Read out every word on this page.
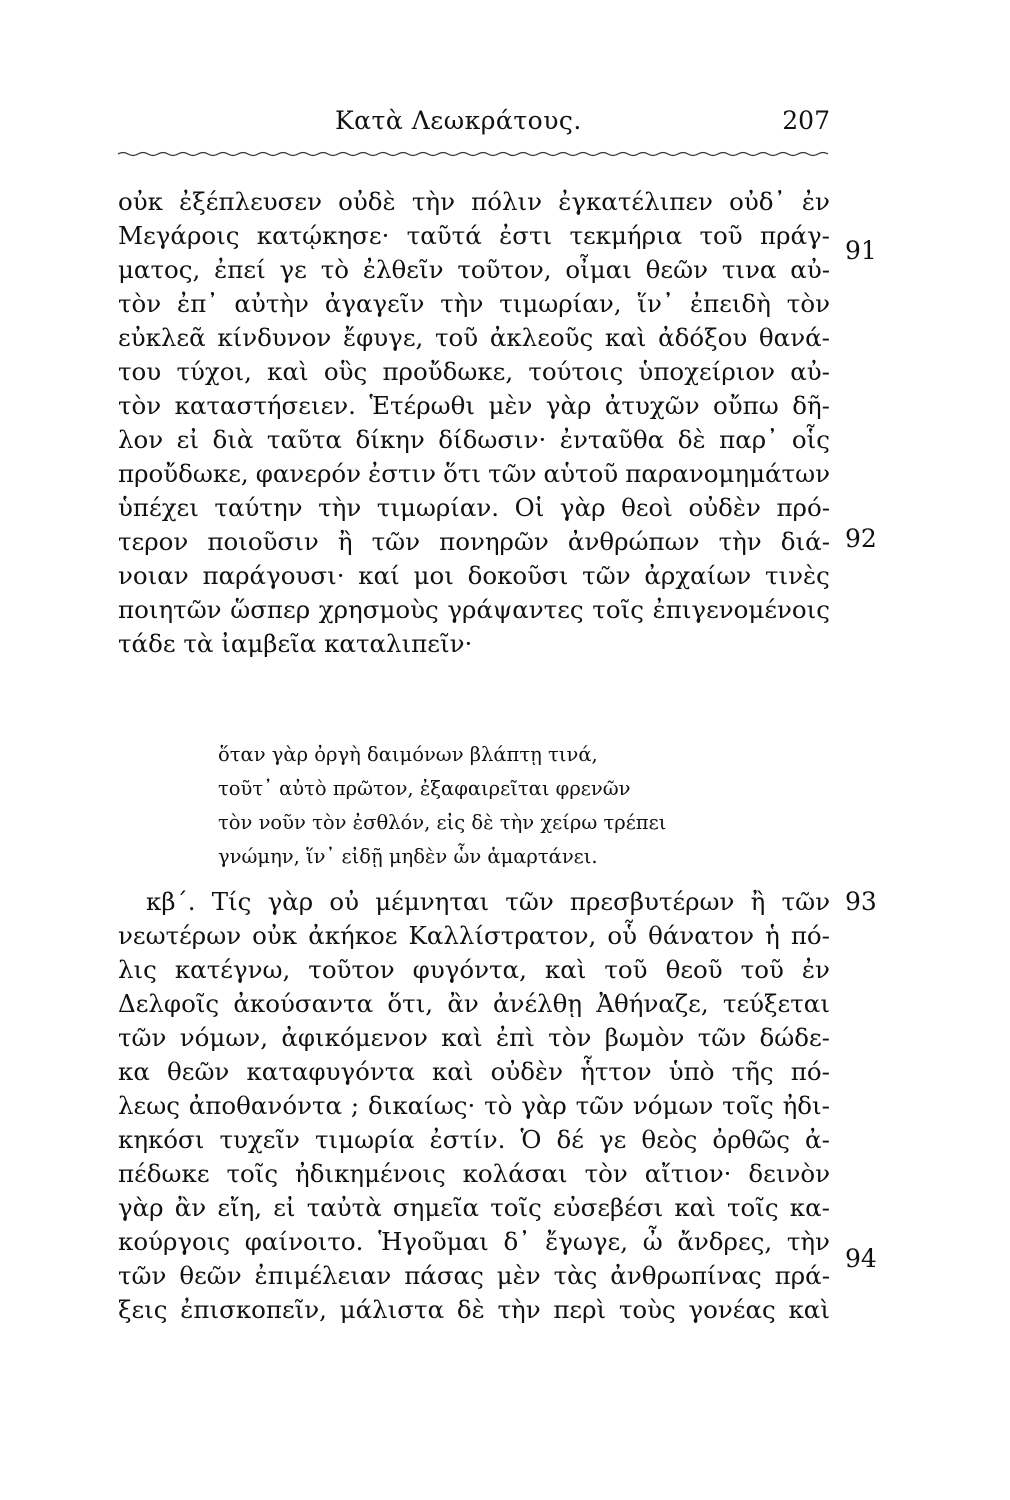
Κατὰ Λεωκράτους.	207
οὐκ ἐξέπλευσεν οὐδὲ τὴν πόλιν ἐγκατέλιπεν οὐδ᾽ ἐν
Μεγάροις κατῴκησε· ταῦτά ἐστι τεκμήρια τοῦ πράγ-
ματος, ἐπεί γε τὸ ἐλθεῖν τοῦτον, οἶμαι θεῶν τινα αὐ-
τὸν ἐπ᾽ αὐτὴν ἀγαγεῖν τὴν τιμωρίαν, ἵν᾽ ἐπειδὴ τὸν
εὐκλεᾶ κίνδυνον ἔφυγε, τοῦ ἀκλεοῦς καὶ ἀδόξου θανά-
του τύχοι, καὶ οὓς προὔδωκε, τούτοις ὑποχείριον αὐ-
τὸν καταστήσειεν. Ἑτέρωθι μὲν γὰρ ἀτυχῶν οὔπω δῆ-
λον εἰ διὰ ταῦτα δίκην δίδωσιν· ἐνταῦθα δὲ παρ᾽ οἷς
προὔδωκε, φανερόν ἐστιν ὅτι τῶν αὑτοῦ παρανομημάτων
ὑπέχει ταύτην τὴν τιμωρίαν. Οἱ γὰρ θεοὶ οὐδὲν πρό-
τερον ποιοῦσιν ἢ τῶν πονηρῶν ἀνθρώπων τὴν διά-
νοιαν παράγουσι· καί μοι δοκοῦσι τῶν ἀρχαίων τινὲς
ποιητῶν ὥσπερ χρησμοὺς γράψαντες τοῖς ἐπιγενομένοις
τάδε τὰ ἰαμβεῖα καταλιπεῖν·
ὅταν γὰρ ὀργὴ δαιμόνων βλάπτῃ τινά,
τοῦτ᾽ αὐτὸ πρῶτον, ἐξαφαιρεῖται φρενῶν
τὸν νοῦν τὸν ἐσθλόν, εἰς δὲ τὴν χείρω τρέπει
γνώμην, ἵν᾽ εἰδῇ μηδὲν ὧν ἁμαρτάνει.
κβ΄. Τίς γὰρ οὐ μέμνηται τῶν πρεσβυτέρων ἢ τῶν
νεωτέρων οὐκ ἀκήκοε Καλλίστρατον, οὗ θάνατον ἡ πό-
λις κατέγνω, τοῦτον φυγόντα, καὶ τοῦ θεοῦ τοῦ ἐν
Δελφοῖς ἀκούσαντα ὅτι, ἂν ἀνέλθῃ Ἀθήναζε, τεύξεται
τῶν νόμων, ἀφικόμενον καὶ ἐπὶ τὸν βωμὸν τῶν δώδε-
κα θεῶν καταφυγόντα καὶ οὐδὲν ἧττον ὑπὸ τῆς πό-
λεως ἀποθανόντα ; δικαίως· τὸ γὰρ τῶν νόμων τοῖς ἠδι-
κηκόσι τυχεῖν τιμωρία ἐστίν. Ὁ δέ γε θεὸς ὀρθῶς ἀ-
πέδωκε τοῖς ἠδικημένοις κολάσαι τὸν αἴτιον· δεινὸν
γὰρ ἂν εἴη, εἰ ταὐτὰ σημεῖα τοῖς εὐσεβέσι καὶ τοῖς κα-
κούργοις φαίνοιτο. Ἡγοῦμαι δ᾽ ἔγωγε, ὦ ἄνδρες, τὴν
τῶν θεῶν ἐπιμέλειαν πάσας μὲν τὰς ἀνθρωπίνας πρά-
ξεις ἐπισκοπεῖν, μάλιστα δὲ τὴν περὶ τοὺς γονέας καὶ
91
92
93
94
